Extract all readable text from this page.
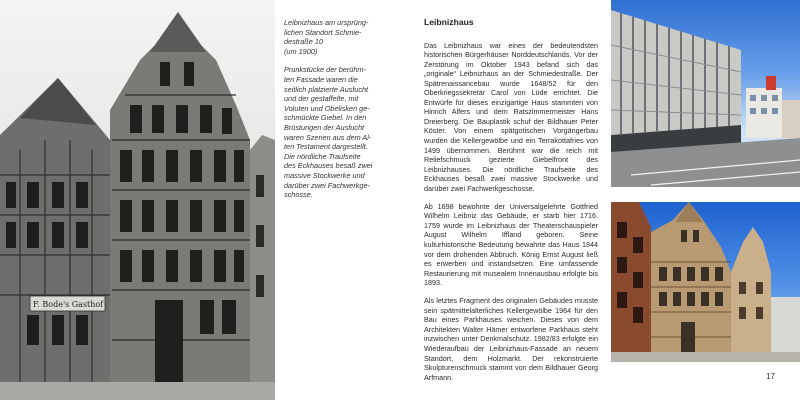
F. Bode's Gasthof

Leibnizhaus am ursprüng-
lichen Standort Schmie-
destraße 10
(um 1900)

Prunkstücke der berühm-
ten Fassade waren die
seitlich platzierte Ausfucht
und der gestaffelte, mit
Voluten und Obelisken ge-
schmückte Giebel. In den
Brüstungen der Ausfucht
waren Szenen aus dem Al-
ten Testament dargestellt.
Die nördliche Traufseite
des Eckhauses besaß zwei
massive Stockwerke und
darüber zwei Fachwerkge-
schosse.

Leibnizhaus

Das Leibnizhaus war eines der bedeutendsten historischen Bürgerhäuser Norddeutschlands. Vor der Zerstörung im Oktober 1943 befand sich das „originale“ Leibnizhaus an der Schmiedestraße. Der Spätrenaissancebau wurde 1648/52 für den Oberkriegssekretär Carol von Lüde errichtet. Die Entwürfe für dieses einzigartige Haus stammten von Hinrich Alfers und dem Ratszimmermeister Hans Dreierberg. Die Bauplastik schuf der Bildhauer Peter Köster. Von einem spätgotischen Vorgängerbau wurden die Kellergewölbe und ein Terrakottafries von 1499 übernommen. Berühmt war die reich mit Reliefschmuck gezierte Giebelfront des Leibnizhauses. Die nördliche Traufseite des Eckhauses besaß zwei massive Stockwerke und darüber zwei Fachwerkgeschosse.

Ab 1698 bewohnte der Universalgelehrte Gottfried Wilhelm Leibniz das Gebäude, er starb hier 1716. 1759 wurde im Leibnizhaus der Theaterschauspieler August Wilhelm Iffland geboren. Seine kulturhistorische Bedeutung bewahrte das Haus 1844 vor dem drohenden Abbruch. König Ernst August ließ es erwerben und instandsetzen. Eine umfassende Restaurierung mit musealem Innenausbau erfolgte bis 1893.

Als letztes Fragment des originalen Gebäudes musste sein spätmittelalterliches Kellergewölbe 1964 für den Bau eines Parkhauses weichen. Dieses von dem Architekten Walter Hämer entworfene Parkhaus steht inzwischen unter Denkmalschutz. 1982/83 erfolgte ein Wiederaufbau der Leibnizhaus-Fassade an neuem Standort, dem Holzmarkt. Der rekonstruierte Skulpturenschmuck stammt von dem Bildhauer Georg Arfmann.	17
